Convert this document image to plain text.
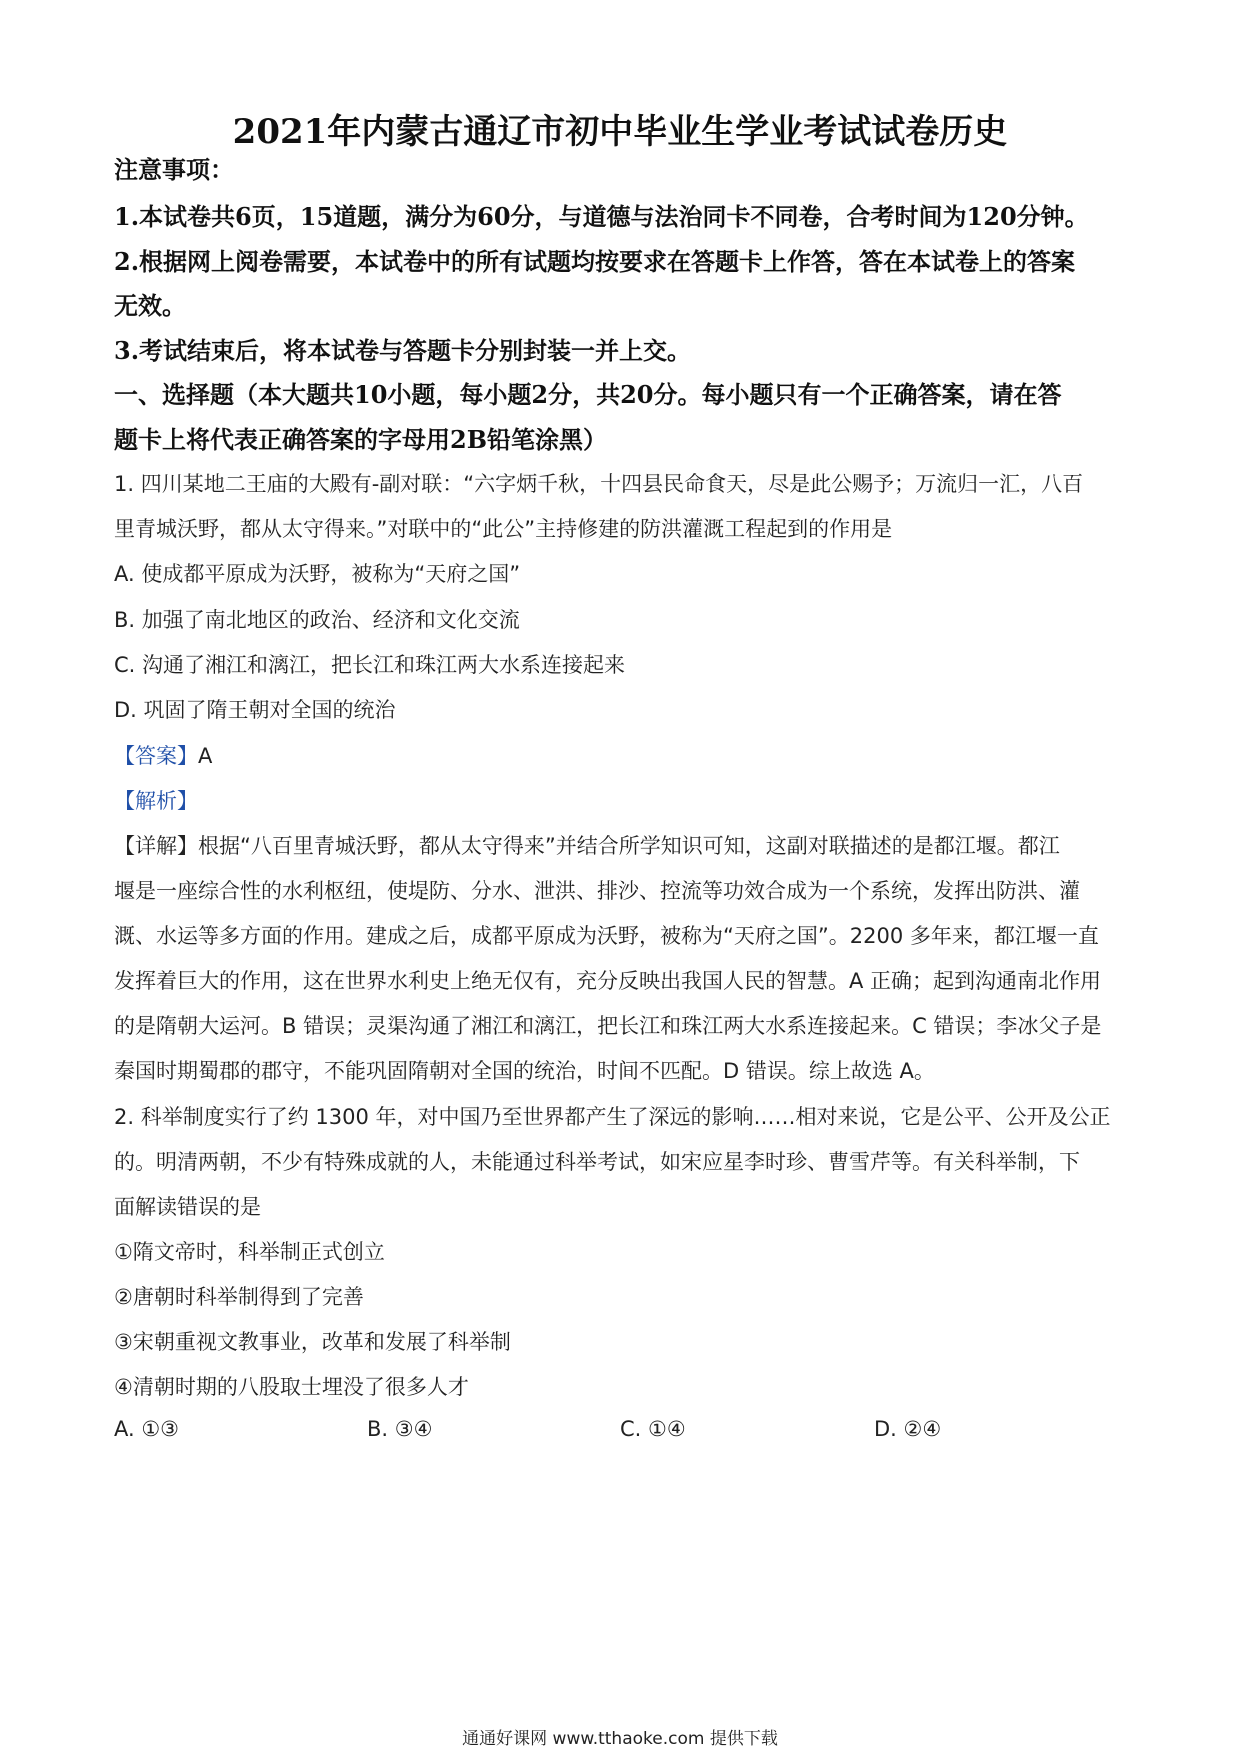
2021年内蒙古通辽市初中毕业生学业考试试卷历史
注意事项：
1.本试卷共6页，15道题，满分为60分，与道德与法治同卡不同卷，合考时间为120分钟。
2.根据网上阅卷需要，本试卷中的所有试题均按要求在答题卡上作答，答在本试卷上的答案
无效。
3.考试结束后，将本试卷与答题卡分别封装一并上交。
一、选择题（本大题共10小题，每小题2分，共20分。每小题只有一个正确答案，请在答
题卡上将代表正确答案的字母用2B铅笔涂黑）
1. 四川某地二王庙的大殿有-副对联：“六字炳千秋，十四县民命食天，尽是此公赐予；万流归一汇，八百
里青城沃野，都从太守得来。”对联中的“此公”主持修建的防洪灌溉工程起到的作用是
A. 使成都平原成为沃野，被称为“天府之国”
B. 加强了南北地区的政治、经济和文化交流
C. 沟通了湘江和漓江，把长江和珠江两大水系连接起来
D. 巩固了隋王朝对全国的统治
【答案】A
【解析】
【详解】根据“八百里青城沃野，都从太守得来”并结合所学知识可知，这副对联描述的是都江堰。都江
堰是一座综合性的水利枢纽，使堤防、分水、泄洪、排沙、控流等功效合成为一个系统，发挥出防洪、灌
溉、水运等多方面的作用。建成之后，成都平原成为沃野，被称为“天府之国”。2200 多年来，都江堰一直
发挥着巨大的作用，这在世界水利史上绝无仅有，充分反映出我国人民的智慧。A 正确；起到沟通南北作用
的是隋朝大运河。B 错误；灵渠沟通了湘江和漓江，把长江和珠江两大水系连接起来。C 错误；李冰父子是
秦国时期蜀郡的郡守，不能巩固隋朝对全国的统治，时间不匹配。D 错误。综上故选 A。
2. 科举制度实行了约 1300 年，对中国乃至世界都产生了深远的影响……相对来说，它是公平、公开及公正
的。明清两朝，不少有特殊成就的人，未能通过科举考试，如宋应星李时珍、曹雪芹等。有关科举制，下
面解读错误的是
①隋文帝时，科举制正式创立
②唐朝时科举制得到了完善
③宋朝重视文教事业，改革和发展了科举制
④清朝时期的八股取士埋没了很多人才
A. ①③	B. ③④	C. ①④	D. ②④
通通好课网 www.tthaoke.com 提供下载
